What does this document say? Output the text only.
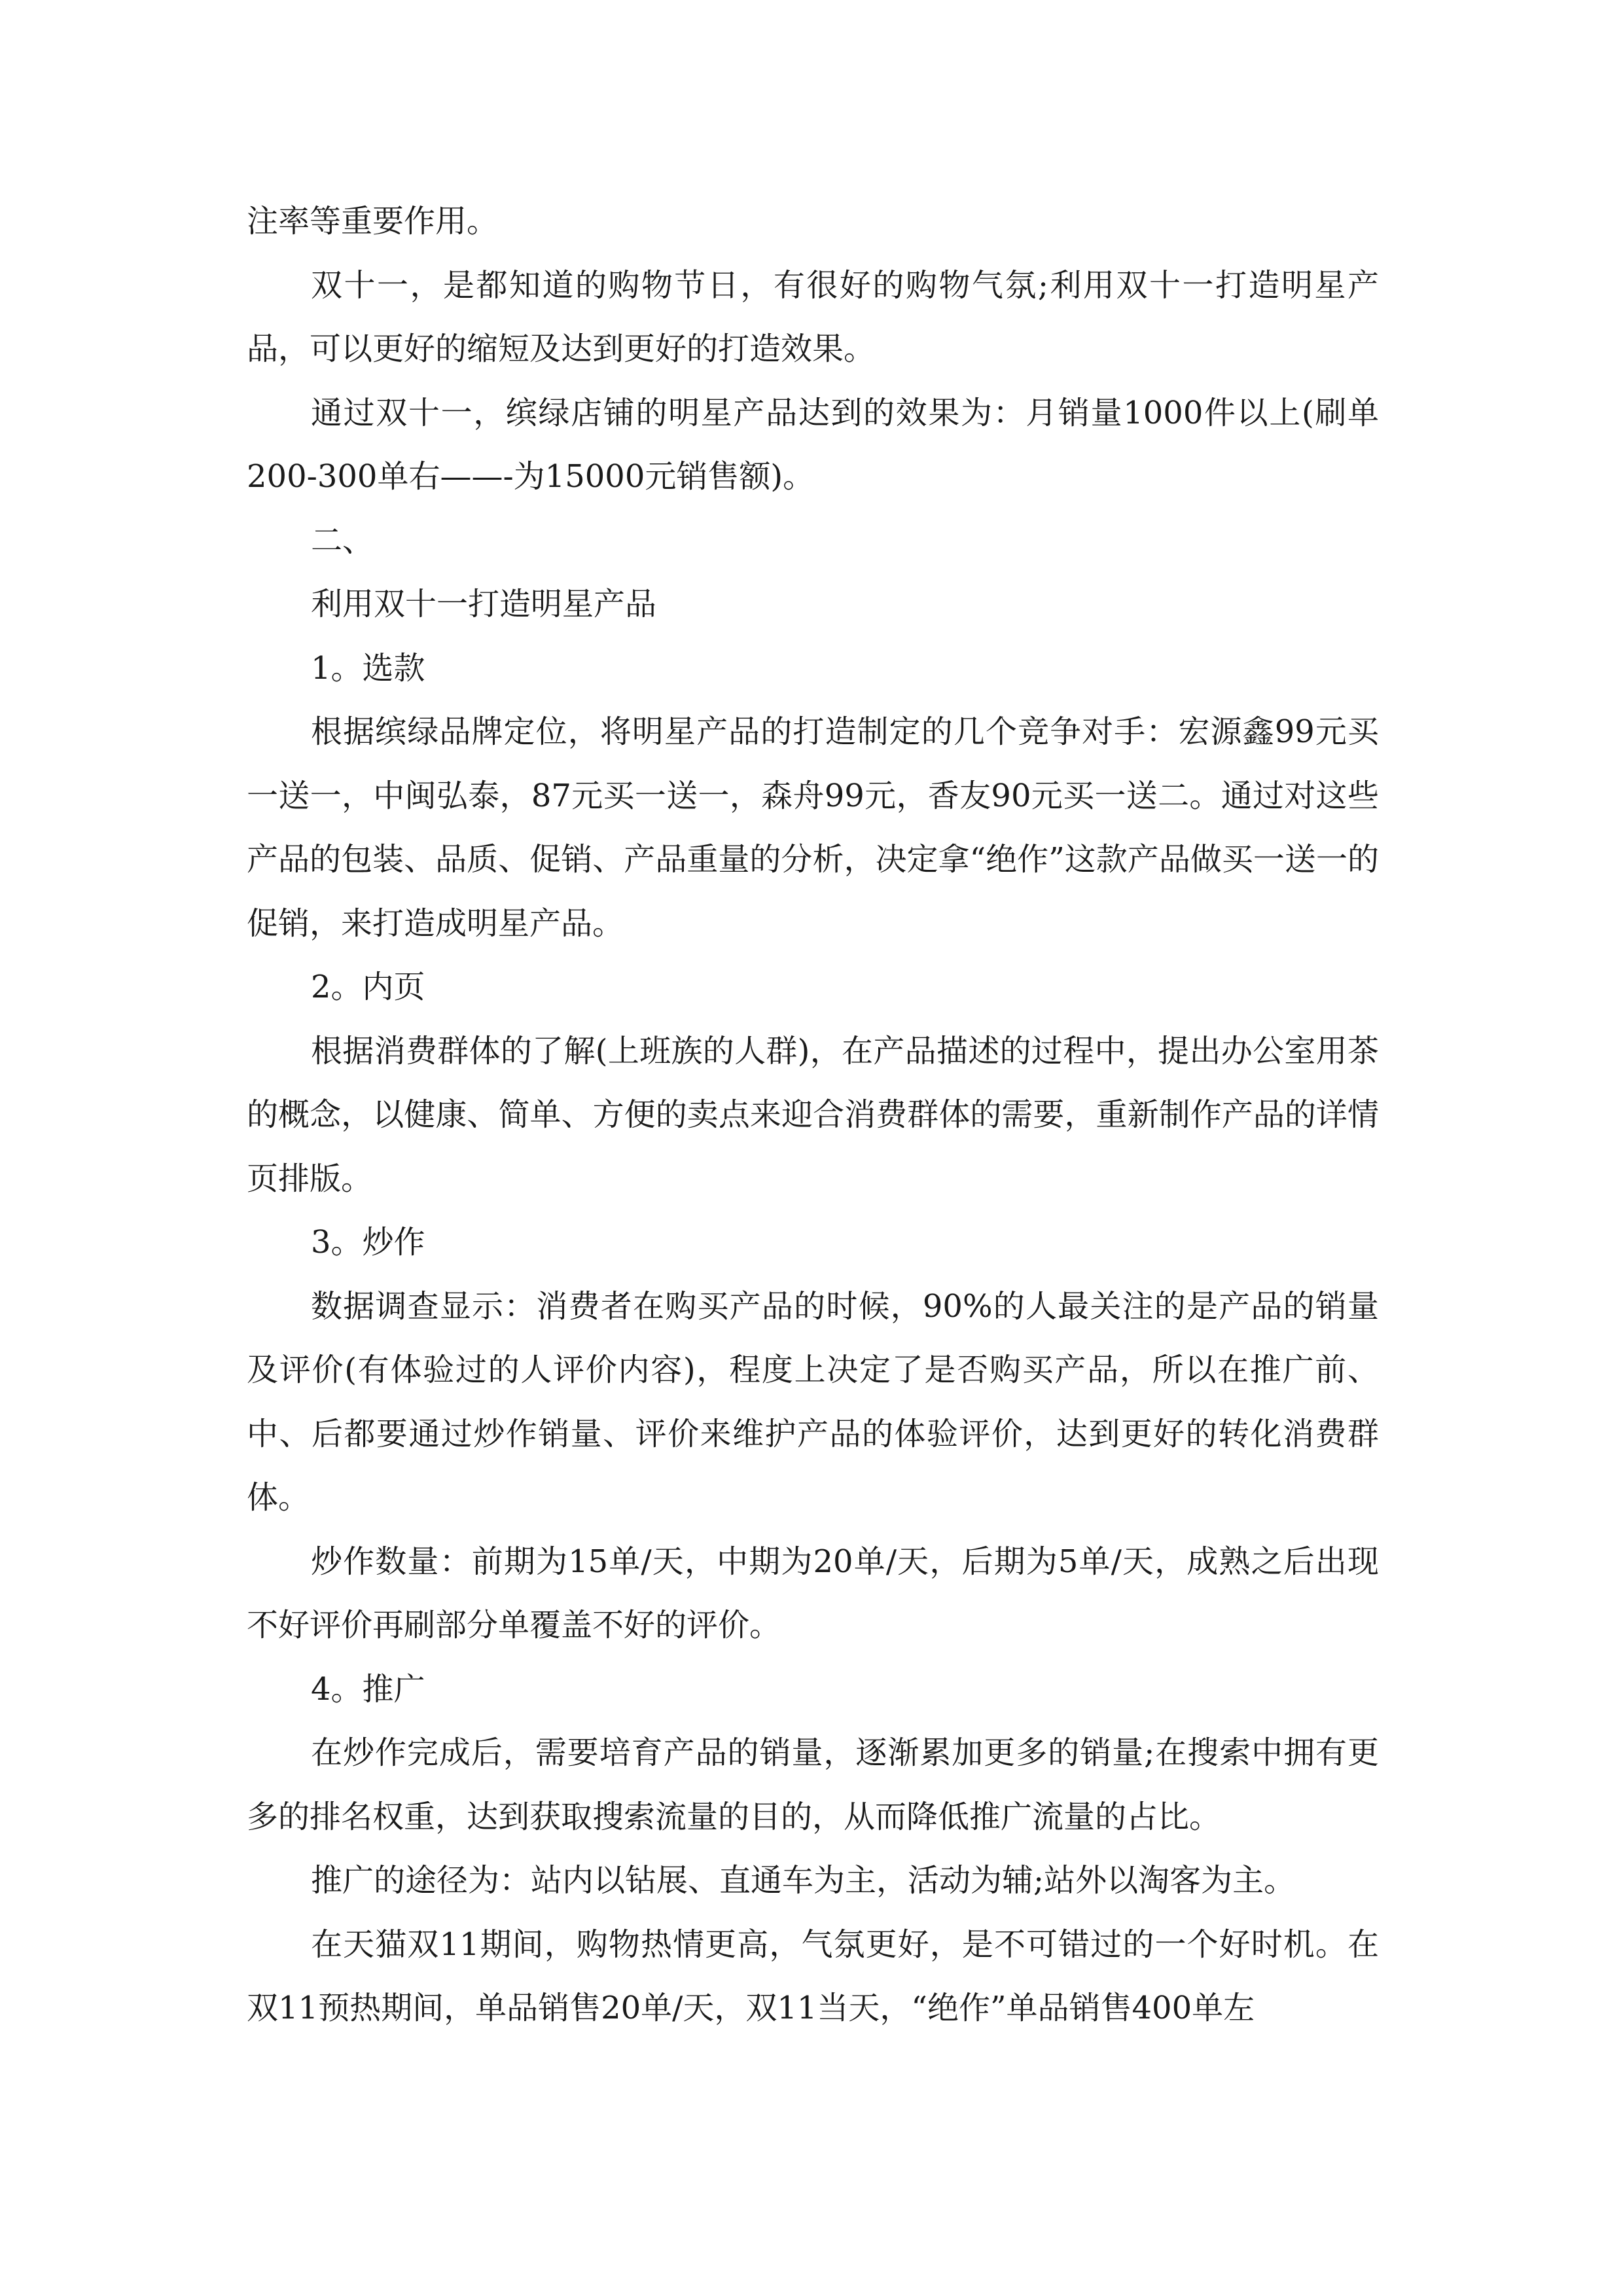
注率等重要作用。

双十一，是都知道的购物节日，有很好的购物气氛;利用双十一打造明星产品，可以更好的缩短及达到更好的打造效果。

通过双十一，缤绿店铺的明星产品达到的效果为：月销量1000件以上(刷单200-300单右——-为15000元销售额)。

二、

利用双十一打造明星产品

1。选款

根据缤绿品牌定位，将明星产品的打造制定的几个竞争对手：宏源鑫99元买一送一，中闽弘泰，87元买一送一，森舟99元，香友90元买一送二。通过对这些产品的包装、品质、促销、产品重量的分析，决定拿“绝作”这款产品做买一送一的促销，来打造成明星产品。

2。内页

根据消费群体的了解(上班族的人群)，在产品描述的过程中，提出办公室用茶的概念，以健康、简单、方便的卖点来迎合消费群体的需要，重新制作产品的详情页排版。

3。炒作

数据调查显示：消费者在购买产品的时候，90%的人最关注的是产品的销量及评价(有体验过的人评价内容)，程度上决定了是否购买产品，所以在推广前、中、后都要通过炒作销量、评价来维护产品的体验评价，达到更好的转化消费群体。

炒作数量：前期为15单/天，中期为20单/天，后期为5单/天，成熟之后出现不好评价再刷部分单覆盖不好的评价。

4。推广

在炒作完成后，需要培育产品的销量，逐渐累加更多的销量;在搜索中拥有更多的排名权重，达到获取搜索流量的目的，从而降低推广流量的占比。

推广的途径为：站内以钻展、直通车为主，活动为辅;站外以淘客为主。

在天猫双11期间，购物热情更高，气氛更好，是不可错过的一个好时机。在双11预热期间，单品销售20单/天，双11当天，“绝作”单品销售400单左
